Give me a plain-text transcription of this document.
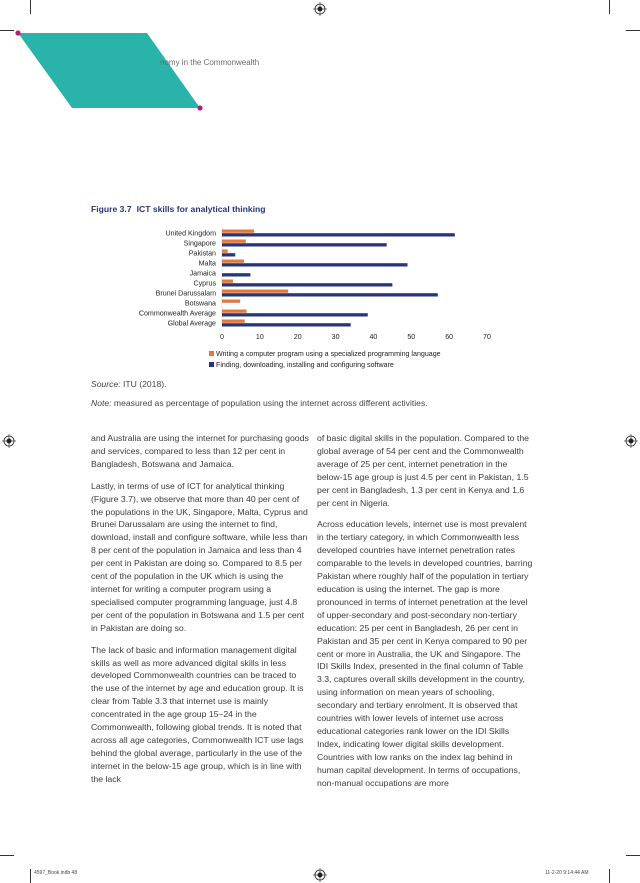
nomy in the Commonwealth
Figure 3.7 ICT skills for analytical thinking
United Kingdom
Singapore
Pakistan
Malta
Jamaica
Cyprus
Brunei Darussalam
Botswana
Commonwealth Average
Global Average
0	10	20	30	40	50	60	70
Writing a computer program using a specialized programming language
Finding, downloading, installing and configuring software
Source: ITU (2018).
Note: measured as percentage of population using the internet across different activities.

and Australia are using the internet for purchasing goods and services, compared to less than 12 per cent in Bangladesh, Botswana and Jamaica.

Lastly, in terms of use of ICT for analytical thinking (Figure 3.7), we observe that more than 40 per cent of the populations in the UK, Singapore, Malta, Cyprus and Brunei Darussalam are using the internet to find, download, install and configure software, while less than 8 per cent of the population in Jamaica and less than 4 per cent in Pakistan are doing so. Compared to 8.5 per cent of the population in the UK which is using the internet for writing a computer program using a specialised computer programming language, just 4.8 per cent of the population in Botswana and 1.5 per cent in Pakistan are doing so.

The lack of basic and information management digital skills as well as more advanced digital skills in less developed Commonwealth countries can be traced to the use of the internet by age and education group. It is clear from Table 3.3 that internet use is mainly concentrated in the age group 15–24 in the Commonwealth, following global trends. It is noted that across all age categories, Commonwealth ICT use lags behind the global average, particularly in the use of the internet in the below-15 age group, which is in line with the lack

of basic digital skills in the population. Compared to the global average of 54 per cent and the Commonwealth average of 25 per cent, internet penetration in the below-15 age group is just 4.5 per cent in Pakistan, 1.5 per cent in Bangladesh, 1.3 per cent in Kenya and 1.6 per cent in Nigeria.

Across education levels, internet use is most prevalent in the tertiary category, in which Commonwealth less developed countries have internet penetration rates comparable to the levels in developed countries, barring Pakistan where roughly half of the population in tertiary education is using the internet. The gap is more pronounced in terms of internet penetration at the level of upper-secondary and post-secondary non-tertiary education: 25 per cent in Bangladesh, 26 per cent in Pakistan and 35 per cent in Kenya compared to 90 per cent or more in Australia, the UK and Singapore. The IDI Skills Index, presented in the final column of Table 3.3, captures overall skills development in the country, using information on mean years of schooling, secondary and tertiary enrolment. It is observed that countries with lower levels of internet use across educational categories rank lower on the IDI Skills Index, indicating lower digital skills development. Countries with low ranks on the index lag behind in human capital development. In terms of occupations, non-manual occupations are more

4597_Book.indb 48	11-2-20 9:14:44 AM
